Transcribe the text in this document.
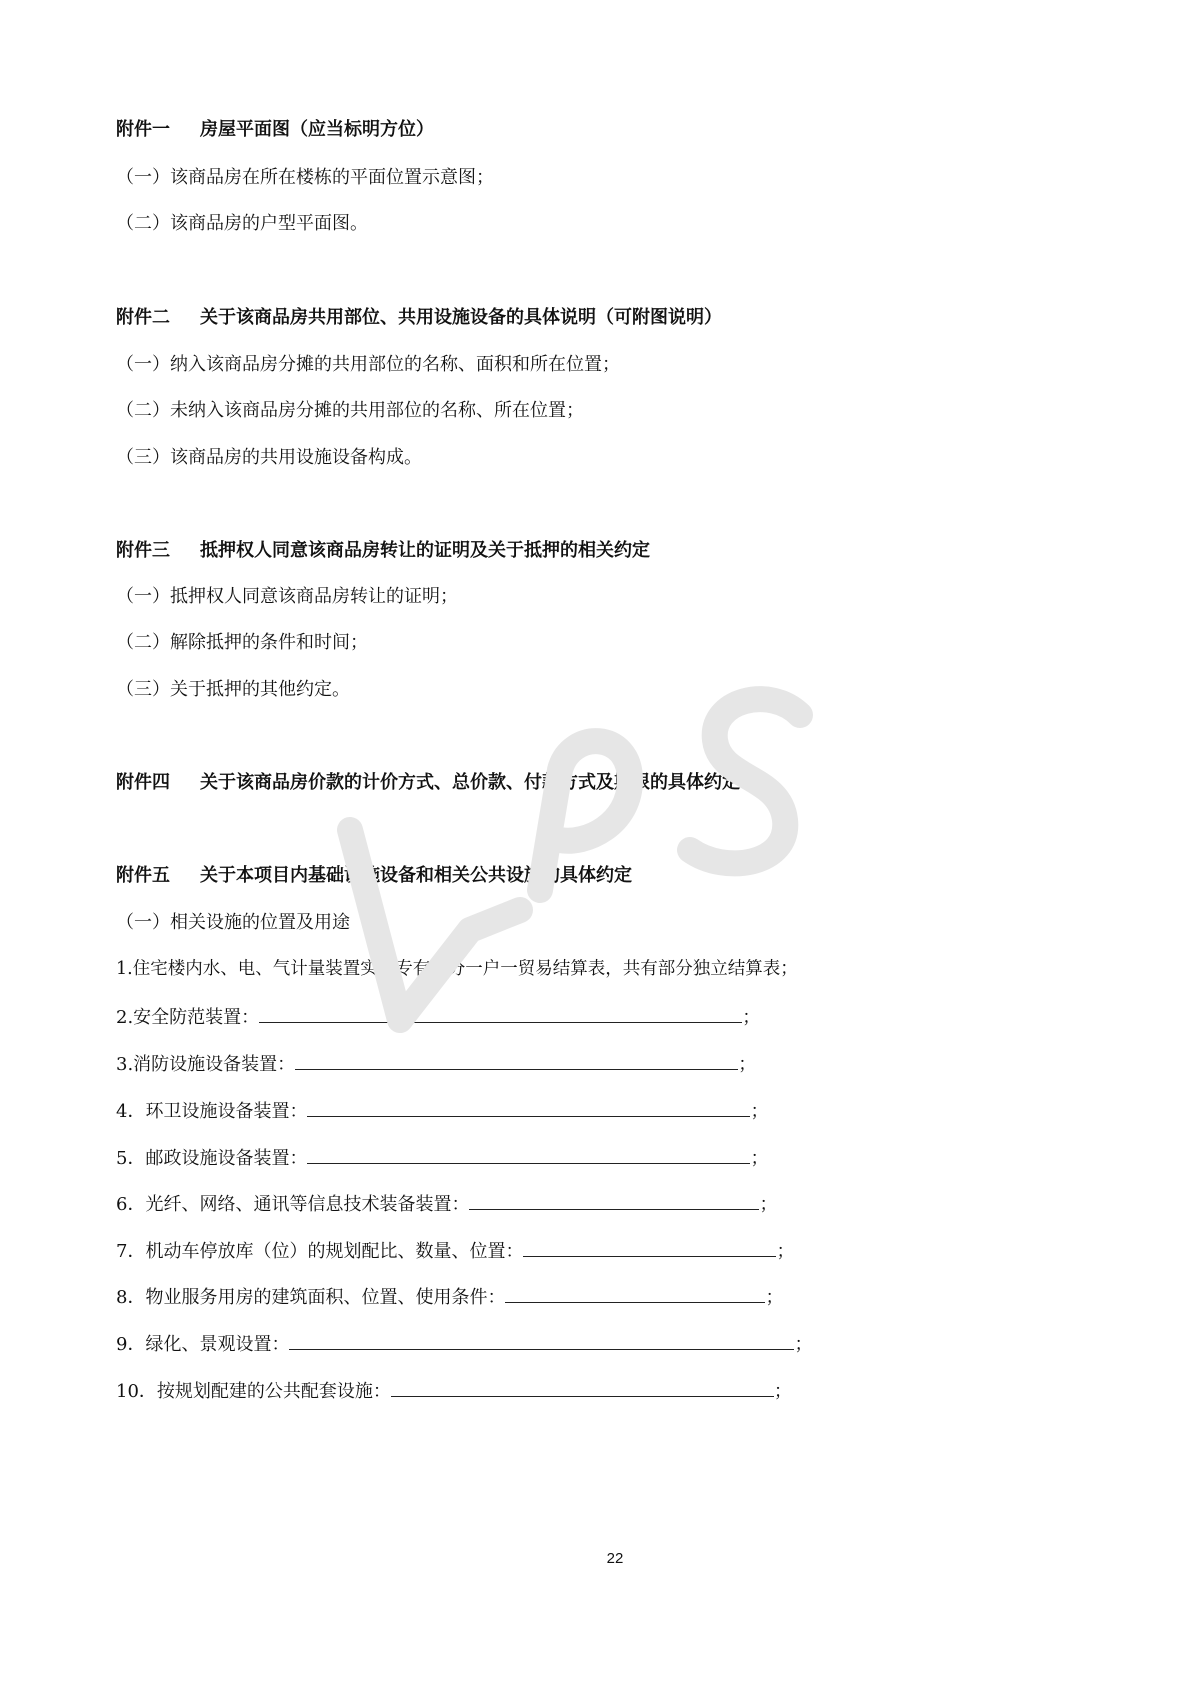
附件一 房屋平面图（应当标明方位）
（一）该商品房在所在楼栋的平面位置示意图；
（二）该商品房的户型平面图。
附件二 关于该商品房共用部位、共用设施设备的具体说明（可附图说明）
（一）纳入该商品房分摊的共用部位的名称、面积和所在位置；
（二）未纳入该商品房分摊的共用部位的名称、所在位置；
（三）该商品房的共用设施设备构成。
附件三 抵押权人同意该商品房转让的证明及关于抵押的相关约定
（一）抵押权人同意该商品房转让的证明；
（二）解除抵押的条件和时间；
（三）关于抵押的其他约定。
附件四 关于该商品房价款的计价方式、总价款、付款方式及期限的具体约定
附件五 关于本项目内基础设施设备和相关公共设施的具体约定
（一）相关设施的位置及用途
1.住宅楼内水、电、气计量装置实行专有部分一户一贸易结算表，共有部分独立结算表；
2.安全防范装置：	；
3.消防设施设备装置：	；
4．环卫设施设备装置：	；
5．邮政设施设备装置：	；
6．光纤、网络、通讯等信息技术装备装置：	；
7．机动车停放库（位）的规划配比、数量、位置：	；
8．物业服务用房的建筑面积、位置、使用条件：	；
9．绿化、景观设置：	；
10．按规划配建的公共配套设施：	；
22
